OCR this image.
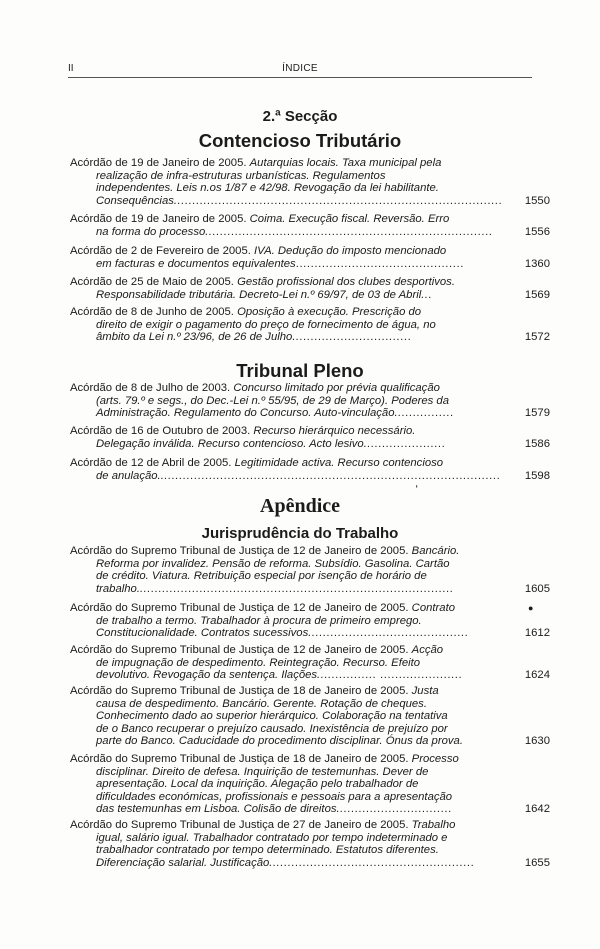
II	ÍNDICE
2.ª Secção
Contencioso Tributário
Acórdão de 19 de Janeiro de 2005. Autarquias locais. Taxa municipal pela
realização de infra-estruturas urbanísticas. Regulamentos
independentes. Leis n.os 1/87 e 42/98. Revogação da lei habilitante.
Consequências........................................................................................ 1550
Acórdão de 19 de Janeiro de 2005. Coima. Execução fiscal. Reversão. Erro
na forma do processo.............................................................................	1556
Acórdão de 2 de Fevereiro de 2005. IVA. Dedução do imposto mencionado
em facturas e documentos equivalentes.............................................	1360
Acórdão de 25 de Maio de 2005. Gestão profissional dos clubes desportivos.
Responsabilidade tributária. Decreto-Lei n.º 69/97, de 03 de Abril...	1569
Acórdão de 8 de Junho de 2005. Oposição à execução. Prescrição do
direito de exigir o pagamento do preço de fornecimento de água, no
âmbito da Lei n.º 23/96, de 26 de Julho................................	1572
Tribunal Pleno
Acórdão de 8 de Julho de 2003. Concurso limitado por prévia qualificação
(arts. 79.º e segs., do Dec.-Lei n.º 55/95, de 29 de Março). Poderes da
Administração. Regulamento do Concurso. Auto-vinculação................	1579
Acórdão de 16 de Outubro de 2003. Recurso hierárquico necessário.
Delegação inválida. Recurso contencioso. Acto lesivo......................	1586
Acórdão de 12 de Abril de 2005. Legitimidade activa. Recurso contencioso
de anulação............................................................................................ 1598
Apêndice
Jurisprudência do Trabalho
Acórdão do Supremo Tribunal de Justiça de 12 de Janeiro de 2005. Bancário.
Reforma por invalidez. Pensão de reforma. Subsídio. Gasolina. Cartão
de crédito. Viatura. Retribuição especial por isenção de horário de
trabalho.....................................................................................	1605
Acórdão do Supremo Tribunal de Justiça de 12 de Janeiro de 2005. Contrato
de trabalho a termo. Trabalhador à procura de primeiro emprego.
Constitucionalidade. Contratos sucessivos...........................................	1612
Acórdão do Supremo Tribunal de Justiça de 12 de Janeiro de 2005. Acção
de impugnação de despedimento. Reintegração. Recurso. Efeito
devolutivo. Revogação da sentença. Ilações................ ......................	1624
Acórdão do Supremo Tribunal de Justiça de 18 de Janeiro de 2005. Justa
causa de despedimento. Bancário. Gerente. Rotação de cheques.
Conhecimento dado ao superior hierárquico. Colaboração na tentativa
de o Banco recuperar o prejuízo causado. Inexistência de prejuízo por
parte do Banco. Caducidade do procedimento disciplinar. Ónus da prova.	1630
Acórdão do Supremo Tribunal de Justiça de 18 de Janeiro de 2005. Processo
disciplinar. Direito de defesa. Inquirição de testemunhas. Dever de
apresentação. Local da inquirição. Alegação pelo trabalhador de
dificuldades económicas, profissionais e pessoais para a apresentação
das testemunhas em Lisboa. Colisão de direitos...............................	1642
Acórdão do Supremo Tribunal de Justiça de 27 de Janeiro de 2005. Trabalho
igual, salário igual. Trabalhador contratado por tempo indeterminado e
trabalhador contratado por tempo determinado. Estatutos diferentes.
Diferenciação salarial. Justificação.......................................................	1655
ˋ
●
